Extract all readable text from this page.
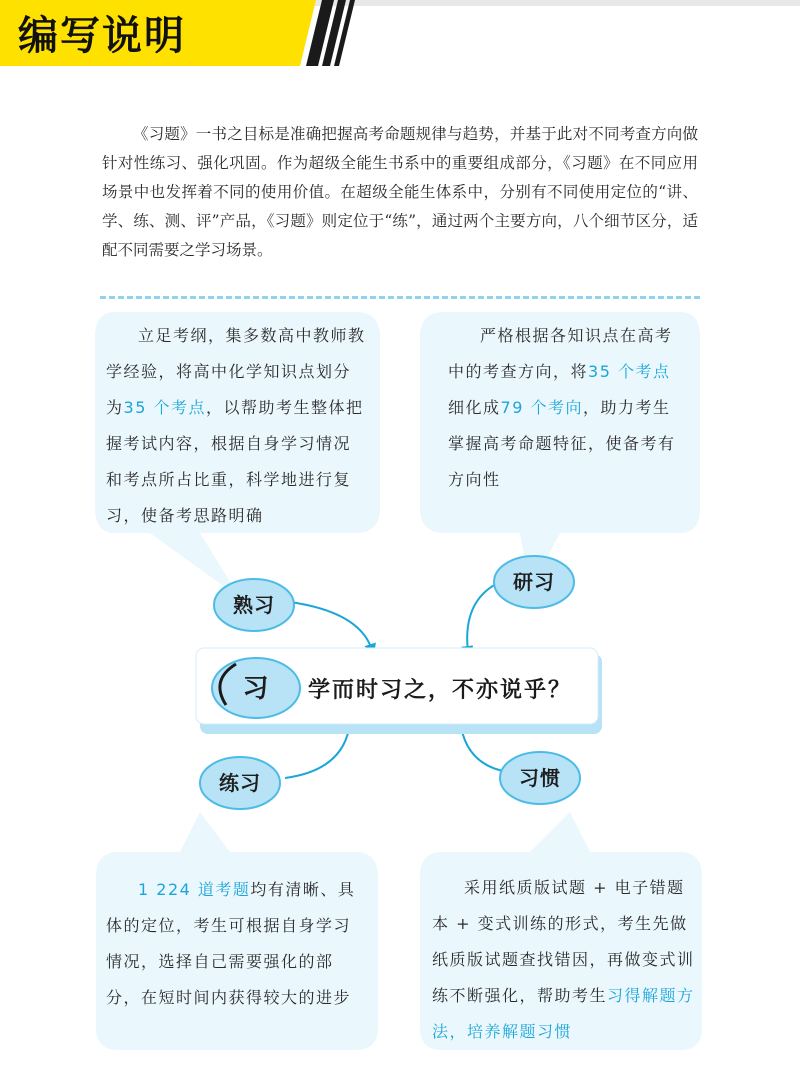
编写说明

《习题》一书之目标是准确把握高考命题规律与趋势，并基于此对不同考查方向做针对性练习、强化巩固。作为超级全能生书系中的重要组成部分，《习题》在不同应用场景中也发挥着不同的使用价值。在超级全能生体系中，分别有不同使用定位的“讲、学、练、测、评”产品，《习题》则定位于“练”，通过两个主要方向，八个细节区分，适配不同需要之学习场景。

习 学而时习之，不亦说乎？
熟习
研习
练习	习惯

立足考纲，集多数高中教师教学经验，将高中化学知识点划分为35 个考点，以帮助考生整体把握考试内容，根据自身学习情况和考点所占比重，科学地进行复习，使备考思路明确

严格根据各知识点在高考中的考查方向，将35 个考点细化成79 个考向，助力考生掌握高考命题特征，使备考有方向性

1 224 道考题均有清晰、具体的定位，考生可根据自身学习情况，选择自己需要强化的部分，在短时间内获得较大的进步

采用纸质版试题 + 电子错题本 + 变式训练的形式，考生先做纸质版试题查找错因，再做变式训练不断强化，帮助考生习得解题方法，培养解题习惯
